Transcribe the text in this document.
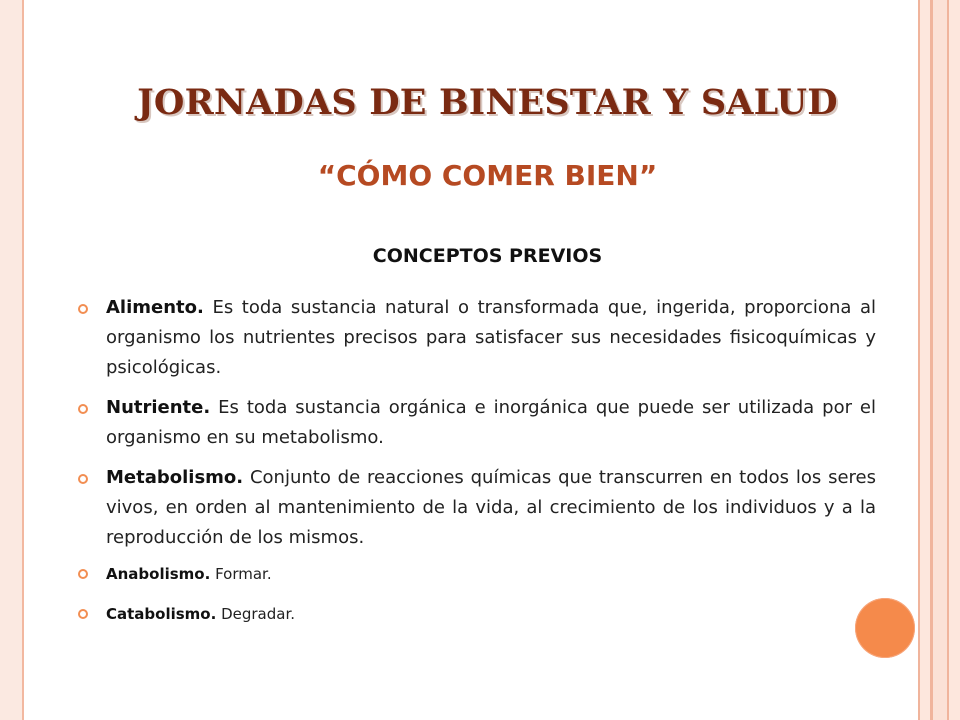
JORNADAS DE BINESTAR Y SALUD
“CÓMO COMER BIEN”
CONCEPTOS PREVIOS
Alimento. Es toda sustancia natural o transformada que, ingerida, proporciona al organismo los nutrientes precisos para satisfacer sus necesidades fisicoquímicas y psicológicas.
Nutriente. Es toda sustancia orgánica e inorgánica que puede ser utilizada por el organismo en su metabolismo.
Metabolismo. Conjunto de reacciones químicas que transcurren en todos los seres vivos, en orden al mantenimiento de la vida, al crecimiento de los individuos y a la reproducción de los mismos.
Anabolismo. Formar.
Catabolismo. Degradar.
